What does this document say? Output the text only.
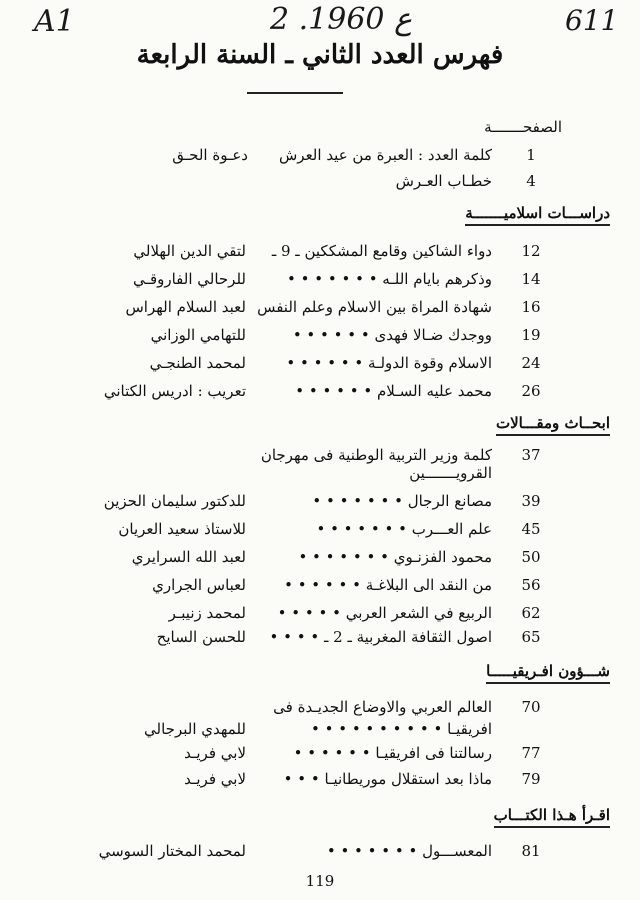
A1	2 .ع 1960	611
فهرس العدد الثاني ـ السنة الرابعة
الصفحـــــــة
1
كلمة العدد : العبرة من عيد العرش
دعـوة الحـق
4
خطـاب العـرش
دراســـات اسلاميـــــــة
12
دواء الشاكين وقامع المشككين ـ 9 ـ
لتقي الدين الهلالي
14
وذكرهم بايام اللـه • • • • • • •
للرحالي الفاروقـي
16
شهادة المراة بين الاسلام وعلم النفس
لعبد السلام الهراس
19
ووجدك ضـالا فهدى • • • • • •
للتهامي الوزاني
24
الاسلام وقوة الدولـة • • • • • •
لمحمد الطنجـي
26
محمد عليه السـلام • • • • • •
تعريب : ادريس الكتاني
ابحــاث ومقـــالات
37
كلمة وزير التربية الوطنية فى مهرجان
القرويـــــــين
39
مصانع الرجال • • • • • • •
للدكتور سليمان الحزين
45
علم العـــرب • • • • • • •
للاستاذ سعيد العريان
50
محمود الفزنـوي • • • • • • •
لعبد الله السرايري
56
من النقد الى البلاغـة • • • • • •
لعباس الجراري
62
الربيع في الشعر العربي • • • • •
لمحمد زنيبـر
65
اصول الثقافة المغربية ـ 2 ـ • • • •
للحسن السايح
شـــؤون افـريقيـــــا
70
العالم العربي والاوضاع الجديـدة فى
افريقيـا • • • • • • • • • •
للمهدي البرجالي
77
رسالتنا فى افريقيـا • • • • • •
لابي فريـد
79
ماذا بعد استقلال موريطانيـا • • •
لابي فريـد
اقـرأ هـذا الكتـــاب
81
المعســـول • • • • • • •
لمحمد المختار السوسي
119
